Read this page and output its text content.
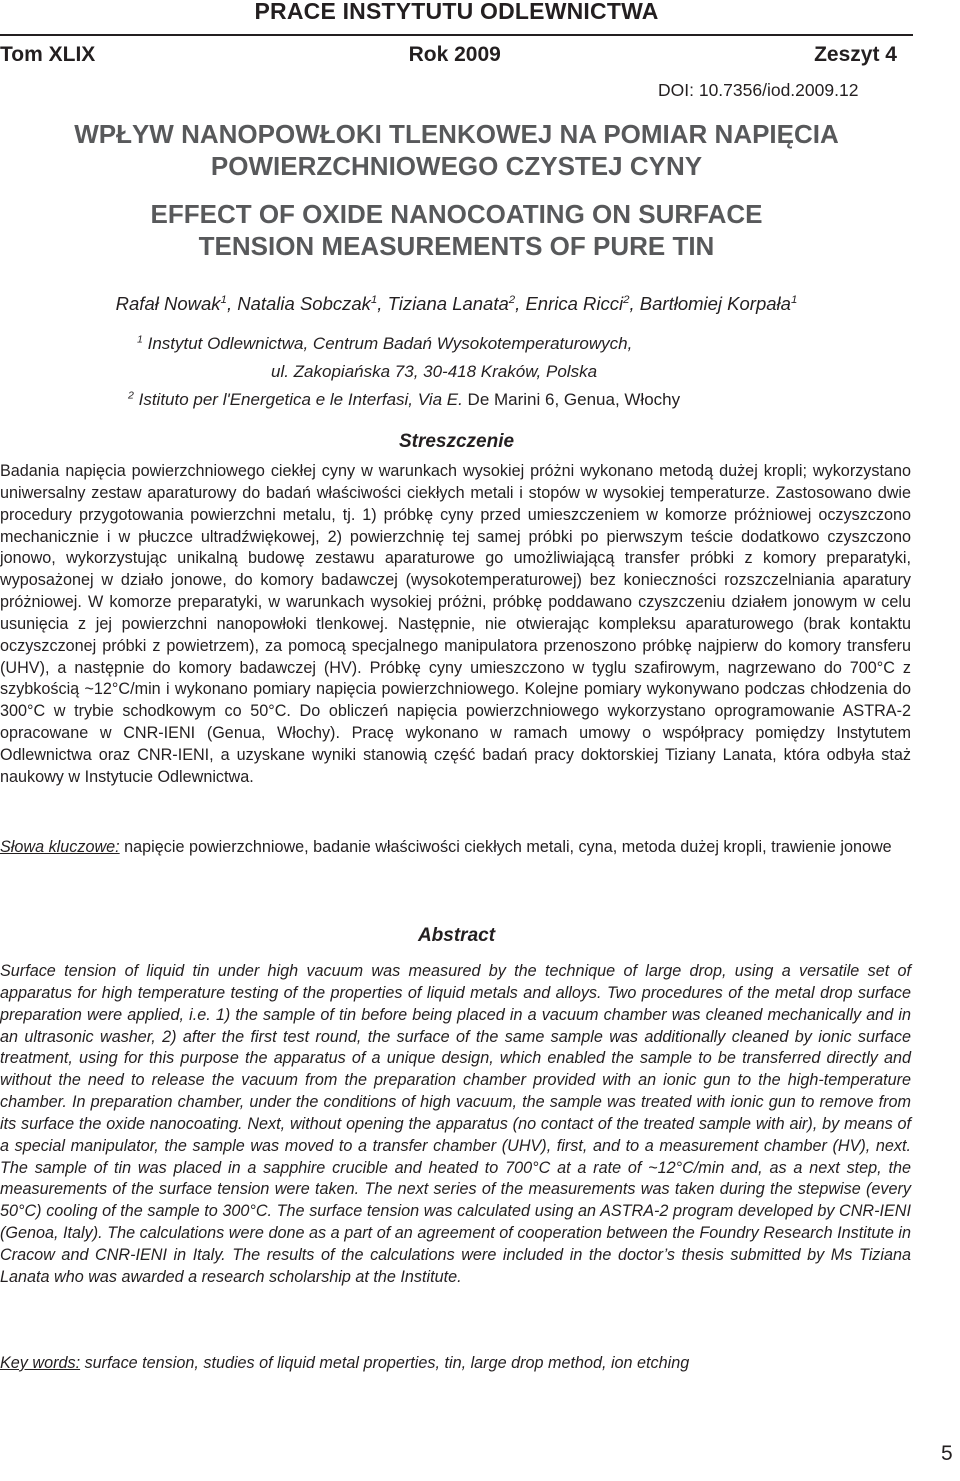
PRACE INSTYTUTU ODLEWNICTWA
Tom XLIX	Rok 2009	Zeszyt 4
DOI: 10.7356/iod.2009.12
WPŁYW NANOPOWŁOKI TLENKOWEJ NA POMIAR NAPIĘCIA
POWIERZCHNIOWEGO CZYSTEJ CYNY
EFFECT OF OXIDE NANOCOATING ON SURFACE
TENSION MEASUREMENTS OF PURE TIN
Rafał Nowak$^1$, Natalia Sobczak$^1$, Tiziana Lanata$^2$, Enrica Ricci$^2$, Bartłomiej Korpała$^1$
$^1$ Instytut Odlewnictwa, Centrum Badań Wysokotemperaturowych,
ul. Zakopiańska 73, 30-418 Kraków, Polska
$^2$ Istituto per l'Energetica e le Interfasi, Via E. De Marini 6, Genua, Włochy
Streszczenie
Badania napięcia powierzchniowego ciekłej cyny w warunkach wysokiej próżni wykonano metodą dużej kropli; wykorzystano uniwersalny zestaw aparaturowy do badań właściwości ciekłych metali i stopów w wysokiej temperaturze. Zastosowano dwie procedury przygotowania powierzchni metalu, tj. 1) próbkę cyny przed umieszczeniem w komorze próżniowej oczyszczono mechanicznie i w płuczce ultradźwiękowej, 2) powierzchnię tej samej próbki po pierwszym teście dodatkowo czyszczono jonowo, wykorzystując unikalną budowę zestawu aparaturowe go umożliwiającą transfer próbki z komory preparatyki, wyposażonej w działo jonowe, do komory badawczej (wysokotemperaturowej) bez konieczności rozszczelniania aparatury próżniowej. W komorze preparatyki, w warunkach wysokiej próżni, próbkę poddawano czyszczeniu działem jonowym w celu usunięcia z jej powierzchni nanopowłoki tlenkowej. Następnie, nie otwierając kompleksu aparaturowego (brak kontaktu oczyszczonej próbki z powietrzem), za pomocą specjalnego manipulatora przenoszono próbkę najpierw do komory transferu (UHV), a następnie do komory badawczej (HV). Próbkę cyny umieszczono w tyglu szafirowym, nagrzewano do 700°C z szybkością ~12°C/min i wykonano pomiary napięcia powierzchniowego. Kolejne pomiary wykonywano podczas chłodzenia do 300°C w trybie schodkowym co 50°C. Do obliczeń napięcia powierzchniowego wykorzystano oprogramowanie ASTRA-2 opracowane w CNR-IENI (Genua, Włochy). Pracę wykonano w ramach umowy o współpracy pomiędzy Instytutem Odlewnictwa oraz CNR-IENI, a uzyskane wyniki stanowią część badań pracy doktorskiej Tiziany Lanata, która odbyła staż naukowy w Instytucie Odlewnictwa.
Słowa kluczowe: napięcie powierzchniowe, badanie właściwości ciekłych metali, cyna, metoda dużej kropli, trawienie jonowe
Abstract
Surface tension of liquid tin under high vacuum was measured by the technique of large drop, using a versatile set of apparatus for high temperature testing of the properties of liquid metals and alloys. Two procedures of the metal drop surface preparation were applied, i.e. 1) the sample of tin before being placed in a vacuum chamber was cleaned mechanically and in an ultrasonic washer, 2) after the first test round, the surface of the same sample was additionally cleaned by ionic surface treatment, using for this purpose the apparatus of a unique design, which enabled the sample to be transferred directly and without the need to release the vacuum from the preparation chamber provided with an ionic gun to the high-temperature chamber. In preparation chamber, under the conditions of high vacuum, the sample was treated with ionic gun to remove from its surface the oxide nanocoating. Next, without opening the apparatus (no contact of the treated sample with air), by means of a special manipulator, the sample was moved to a transfer chamber (UHV), first, and to a measurement chamber (HV), next. The sample of tin was placed in a sapphire crucible and heated to 700°C at a rate of ~12°C/min and, as a next step, the measurements of the surface tension were taken. The next series of the measurements was taken during the stepwise (every 50°C) cooling of the sample to 300°C. The surface tension was calculated using an ASTRA-2 program developed by CNR-IENI (Genoa, Italy). The calculations were done as a part of an agreement of cooperation between the Foundry Research Institute in Cracow and CNR-IENI in Italy. The results of the calculations were included in the doctor’s thesis submitted by Ms Tiziana Lanata who was awarded a research scholarship at the Institute.
Key words: surface tension, studies of liquid metal properties, tin, large drop method, ion etching
5
